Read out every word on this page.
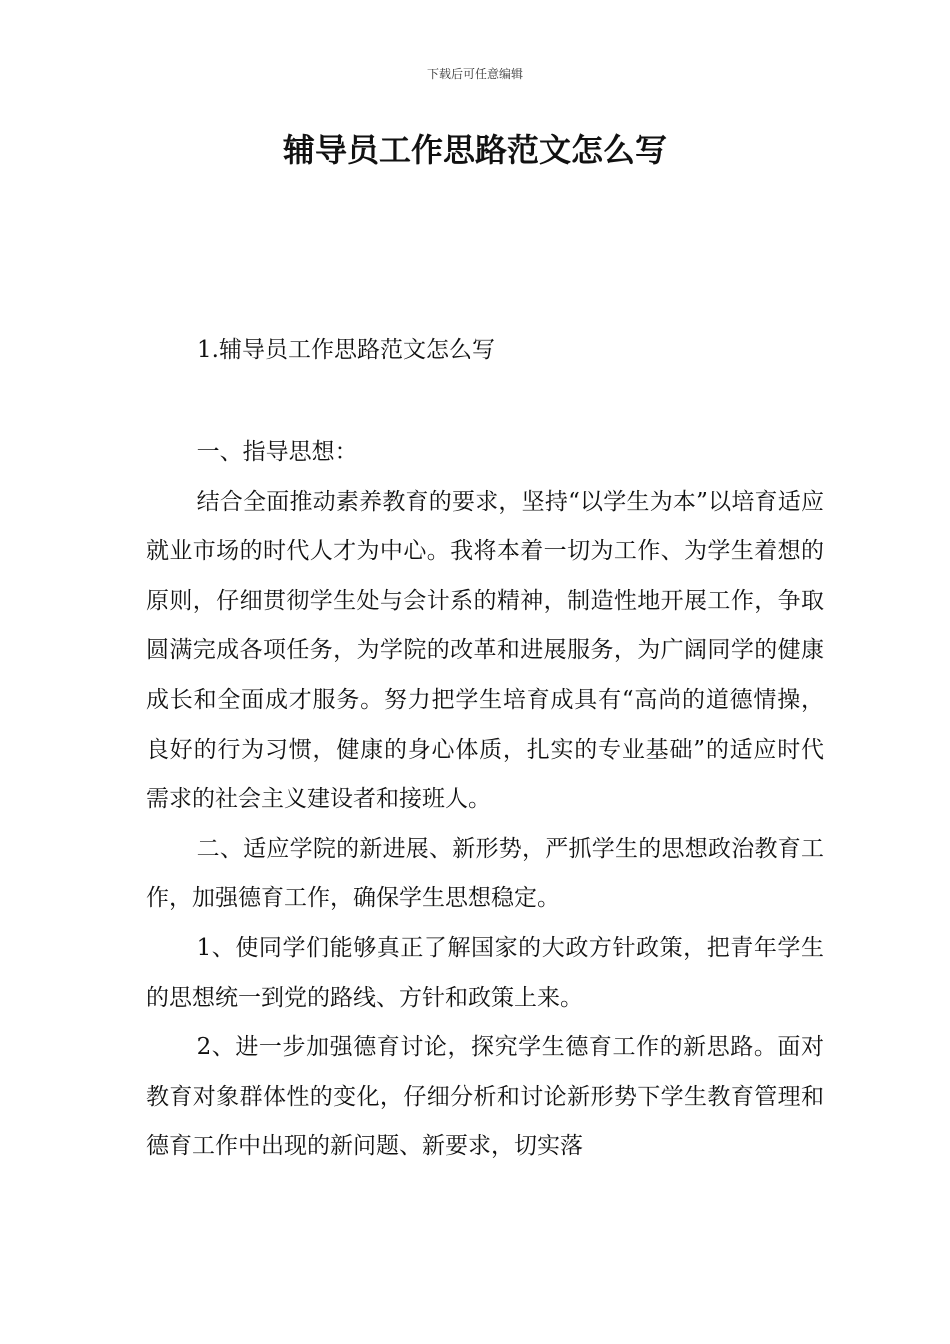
下载后可任意编辑
辅导员工作思路范文怎么写
1.辅导员工作思路范文怎么写

一、指导思想：

结合全面推动素养教育的要求，坚持“以学生为本”以培育适应就业市场的时代人才为中心。我将本着一切为工作、为学生着想的原则，仔细贯彻学生处与会计系的精神，制造性地开展工作，争取圆满完成各项任务，为学院的改革和进展服务，为广阔同学的健康成长和全面成才服务。努力把学生培育成具有“高尚的道德情操，良好的行为习惯，健康的身心体质，扎实的专业基础”的适应时代需求的社会主义建设者和接班人。

二、适应学院的新进展、新形势，严抓学生的思想政治教育工作，加强德育工作，确保学生思想稳定。

1、使同学们能够真正了解国家的大政方针政策，把青年学生的思想统一到党的路线、方针和政策上来。

2、进一步加强德育讨论，探究学生德育工作的新思路。面对教育对象群体性的变化，仔细分析和讨论新形势下学生教育管理和德育工作中出现的新问题、新要求，切实落
